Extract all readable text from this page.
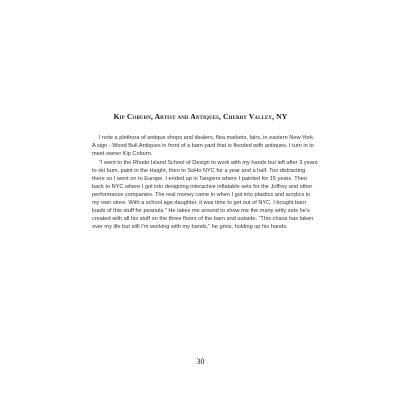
Kip Coburn, Artist and Antiques, Cherry Valley, NY

I note a plethora of antique shops and dealers, flea markets, fairs, in eastern New York. A sign - Wood Bull Antiques in front of a barn yard that is flooded with antiques. I turn in to meet owner Kip Coburn.

“I went to the Rhode Island School of Design to work with my hands but left after 3 years to ski bum, paint in the Haight, then to SoHo NYC for a year and a half. Too distracting there so I went on to Europe. I ended up in Tangiers where I painted for 15 years. Then back to NYC where I got into designing interactive inflatable sets for the Joffrey and other performance companies. The real money came in when I got into plastics and acrylics in my own store. With a school age daughter, it was time to get out of NYC. I bought barn loads of this stuff for peanuts.” He takes me around to show me the many witty sets he’s created with all his stuff on the three floors of the barn and outside. “This chaos has taken over my life but still I’m working with my hands,” he grins, holding up his hands.

30
